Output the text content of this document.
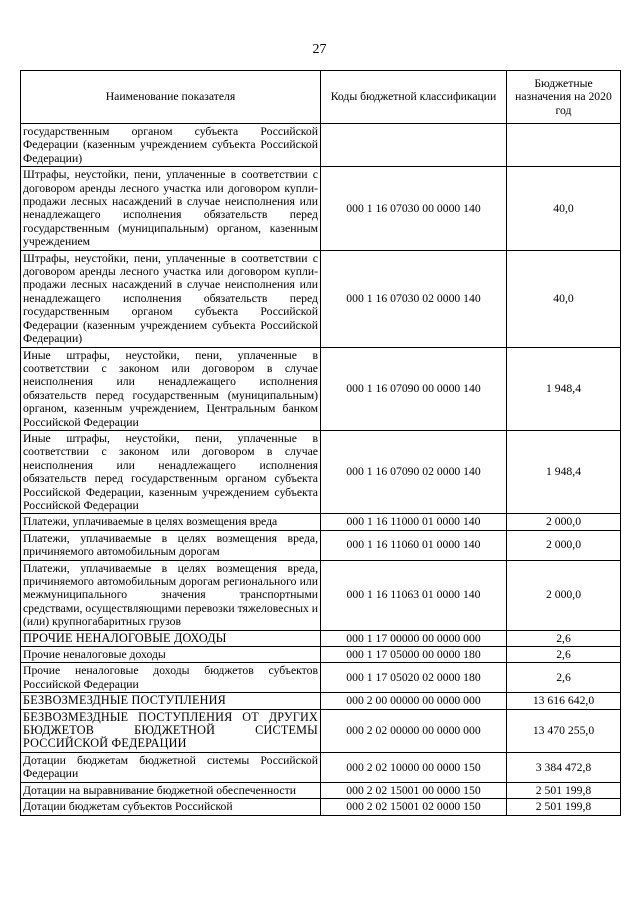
27
Наименование показателя	Коды бюджетной классификации	Бюджетные назначения на 2020 год
государственным органом субъекта Российской Федерации (казенным учреждением субъекта Российской Федерации)		
Штрафы, неустойки, пени, уплаченные в соответствии с договором аренды лесного участка или договором купли-продажи лесных насаждений в случае неисполнения или ненадлежащего исполнения обязательств перед государственным (муниципальным) органом, казенным учреждением	000 1 16 07030 00 0000 140	40,0
Штрафы, неустойки, пени, уплаченные в соответствии с договором аренды лесного участка или договором купли-продажи лесных насаждений в случае неисполнения или ненадлежащего исполнения обязательств перед государственным органом субъекта Российской Федерации (казенным учреждением субъекта Российской Федерации)	000 1 16 07030 02 0000 140	40,0
Иные штрафы, неустойки, пени, уплаченные в соответствии с законом или договором в случае неисполнения или ненадлежащего исполнения обязательств перед государственным (муниципальным) органом, казенным учреждением, Центральным банком Российской Федерации	000 1 16 07090 00 0000 140	1 948,4
Иные штрафы, неустойки, пени, уплаченные в соответствии с законом или договором в случае неисполнения или ненадлежащего исполнения обязательств перед государственным органом субъекта Российской Федерации, казенным учреждением субъекта Российской Федерации	000 1 16 07090 02 0000 140	1 948,4
Платежи, уплачиваемые в целях возмещения вреда	000 1 16 11000 01 0000 140	2 000,0
Платежи, уплачиваемые в целях возмещения вреда, причиняемого автомобильным дорогам	000 1 16 11060 01 0000 140	2 000,0
Платежи, уплачиваемые в целях возмещения вреда, причиняемого автомобильным дорогам регионального или межмуниципального значения транспортными средствами, осуществляющими перевозки тяжеловесных и (или) крупногабаритных грузов	000 1 16 11063 01 0000 140	2 000,0
ПРОЧИЕ НЕНАЛОГОВЫЕ ДОХОДЫ	000 1 17 00000 00 0000 000	2,6
Прочие неналоговые доходы	000 1 17 05000 00 0000 180	2,6
Прочие неналоговые доходы бюджетов субъектов Российской Федерации	000 1 17 05020 02 0000 180	2,6
БЕЗВОЗМЕЗДНЫЕ ПОСТУПЛЕНИЯ	000 2 00 00000 00 0000 000	13 616 642,0
БЕЗВОЗМЕЗДНЫЕ ПОСТУПЛЕНИЯ ОТ ДРУГИХ БЮДЖЕТОВ БЮДЖЕТНОЙ СИСТЕМЫ РОССИЙСКОЙ ФЕДЕРАЦИИ	000 2 02 00000 00 0000 000	13 470 255,0
Дотации бюджетам бюджетной системы Российской Федерации	000 2 02 10000 00 0000 150	3 384 472,8
Дотации на выравнивание бюджетной обеспеченности	000 2 02 15001 00 0000 150	2 501 199,8
Дотации бюджетам субъектов Российской	000 2 02 15001 02 0000 150	2 501 199,8
